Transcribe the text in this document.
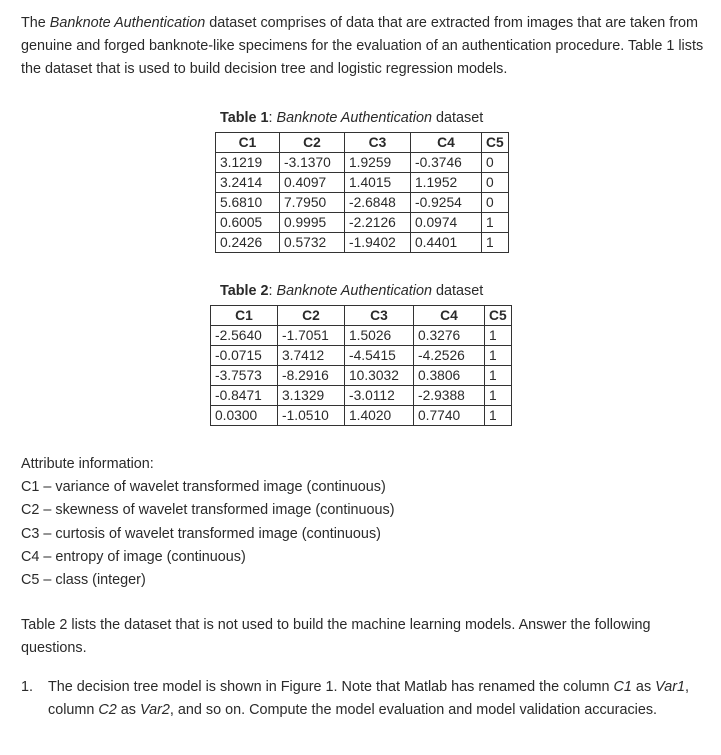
The Banknote Authentication dataset comprises of data that are extracted from images that are taken from genuine and forged banknote-like specimens for the evaluation of an authentication procedure. Table 1 lists the dataset that is used to build decision tree and logistic regression models.

Table 1: Banknote Authentication dataset
C1	C2	C3	C4	C5
3.1219	-3.1370	1.9259	-0.3746	0
3.2414	0.4097	1.4015	1.1952	0
5.6810	7.7950	-2.6848	-0.9254	0
0.6005	0.9995	-2.2126	0.0974	1
0.2426	0.5732	-1.9402	0.4401	1
Table 2: Banknote Authentication dataset
C1	C2	C3	C4	C5
-2.5640	-1.7051	1.5026	0.3276	1
-0.0715	3.7412	-4.5415	-4.2526	1
-3.7573	-8.2916	10.3032	0.3806	1
-0.8471	3.1329	-3.0112	-2.9388	1
0.0300	-1.0510	1.4020	0.7740	1

Attribute information:

C1 – variance of wavelet transformed image (continuous)

C2 – skewness of wavelet transformed image (continuous)

C3 – curtosis of wavelet transformed image (continuous)

C4 – entropy of image (continuous)

C5 – class (integer)

Table 2 lists the dataset that is not used to build the machine learning models. Answer the following questions.

1. The decision tree model is shown in Figure 1. Note that Matlab has renamed the column C1 as Var1, column C2 as Var2, and so on. Compute the model evaluation and model validation accuracies.
